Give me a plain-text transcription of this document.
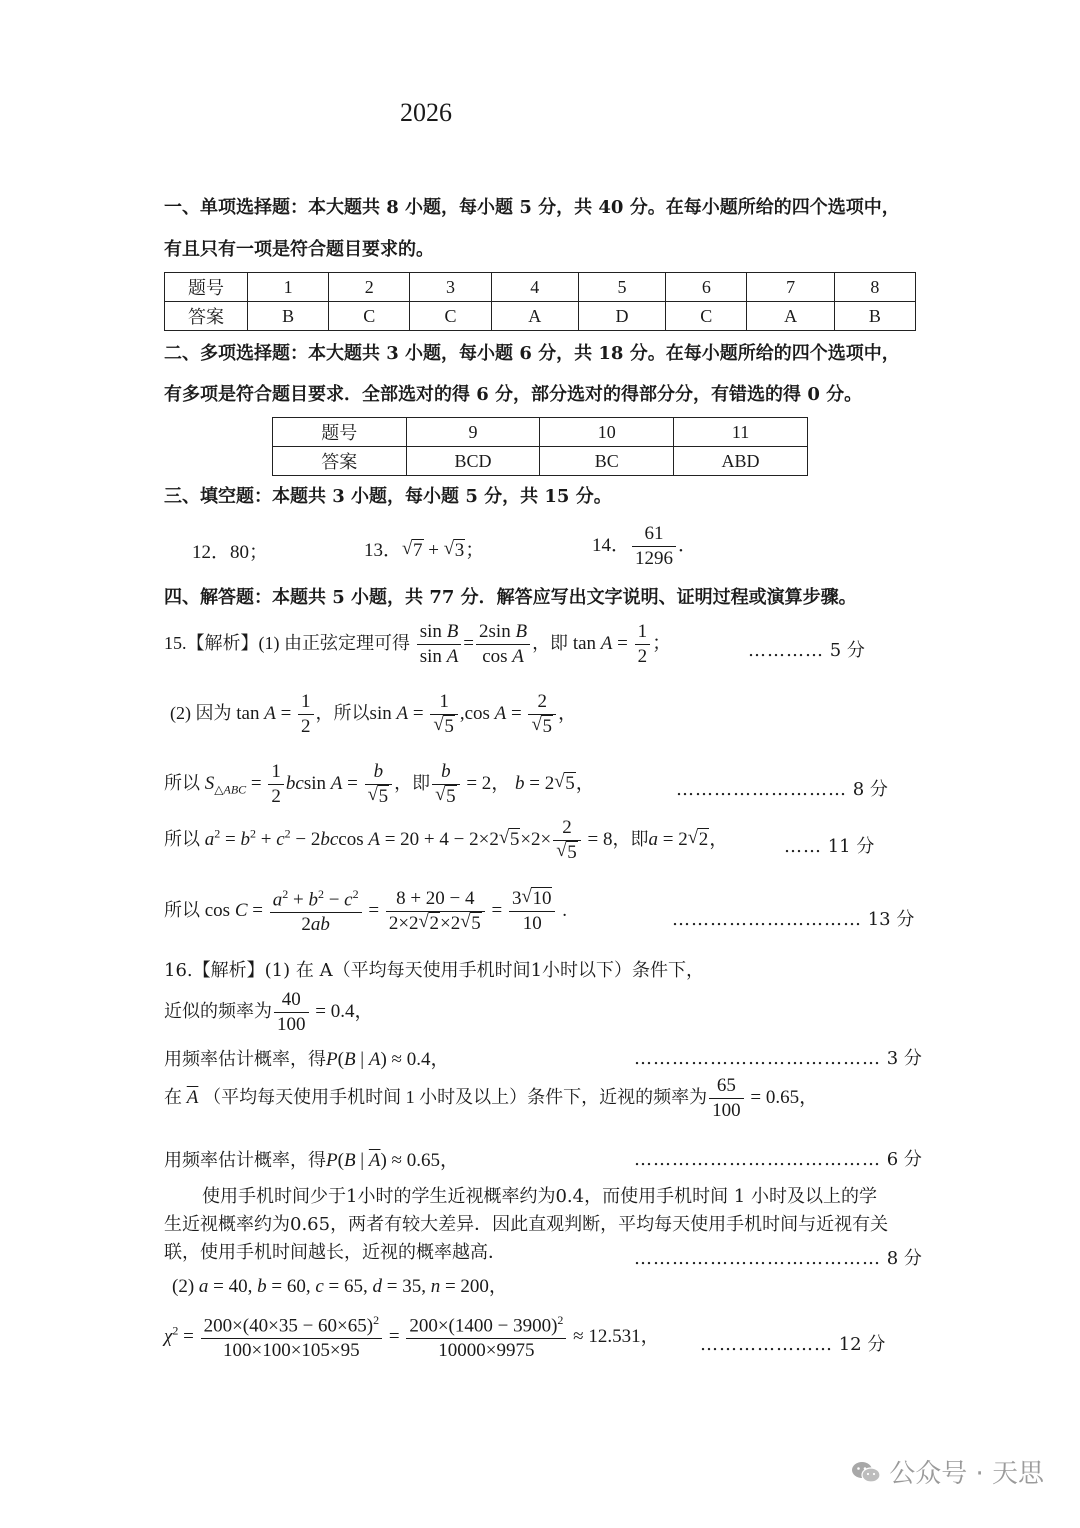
2026
一、单项选择题：本大题共 8 小题，每小题 5 分，共 40 分。在每小题所给的四个选项中，
有且只有一项是符合题目要求的。
题号	1	2	3	4	5	6	7	8
答案	B	C	C	A	D	C	A	B
二、多项选择题：本大题共 3 小题，每小题 6 分，共 18 分。在每小题所给的四个选项中，
有多项是符合题目要求．全部选对的得 6 分，部分选对的得部分分，有错选的得 0 分。
题号	9	10	11
答案	BCD	BC	ABD
三、填空题：本题共 3 小题，每小题 5 分，共 15 分。
12．80；	13． √ 7 + √ 3；	14． $\frac{61}{1296}$ ．
四、解答题：本题共 5 小题，共 77 分．解答应写出文字说明、证明过程或演算步骤。
15.【解析】(1) 由正弦定理可得 $\frac{\text{sin B}}{\text{sin A}} = \frac{\text{2sin B}}{\text{cos A}}$ ，即 $\tan A = \frac{1}{2}$ ；	………… 5 分
(2) 因为 $\tan A = \frac{1}{2}$ ，所以$\sin A = \frac{1}{√ 5} ,\cos$ $A = \frac{2}{√ 5}$ ，
所以 $S_{\triangle ABC} = \frac{1}{2}$ bcsin $A = \frac{b}{√ 5}$ ，即 $\frac{b}{√ 5} = 2$， b = 2 √ 5，	……………………… 8 分
所以 $a^2 = b^2 + c^2 - 2bccos$ A = 20 + 4 − 2×2 √ $5\times 2\times \frac{2}{√ 5} = 8$，即a = 2 √ 2，	…… 11 分
所以 $\cos C = \frac{a^2 + b^2 - c^2}{2ab} = \frac{8 + 20 - 4}{2\times 2 √ 2\times 2 √ 5} = \frac{3 √ 10}{10}$ .	………………………… 13 分
16.【解析】(1) 在 A（平均每天使用手机时间1小时以下）条件下，
近似的频率为 $\frac{40}{100} = 0.4$，
用频率估计概率，得P(B | A) ≈ 0.4，	………………………………… 3 分
在 $\overline{A}$ （平均每天使用手机时间 1 小时及以上）条件下，近视的频率为 $\frac{65}{100} = 0.65$，
用频率估计概率，得P(B | $\overline{A}) \approx 0.65$，	………………………………… 6 分
使用手机时间少于1小时的学生近视概率约为0.4，而使用手机时间 1 小时及以上的学
生近视概率约为0.65，两者有较大差异．因此直观判断，平均每天使用手机时间与近视有关
联，使用手机时间越长，近视的概率越高．	………………………………… 8 分
(2) a = 40, b = 60, c = 65, d = 35, n = 200，
$\chi^2 = \frac{200\times(40\times 35 - 60\times 65)^2}{100\times 100\times 105\times 95} = \frac{200\times(1400 - 3900)^2}{10000\times 9975} \approx 12.531$， ………………… 12 分
公众号 · 天思
